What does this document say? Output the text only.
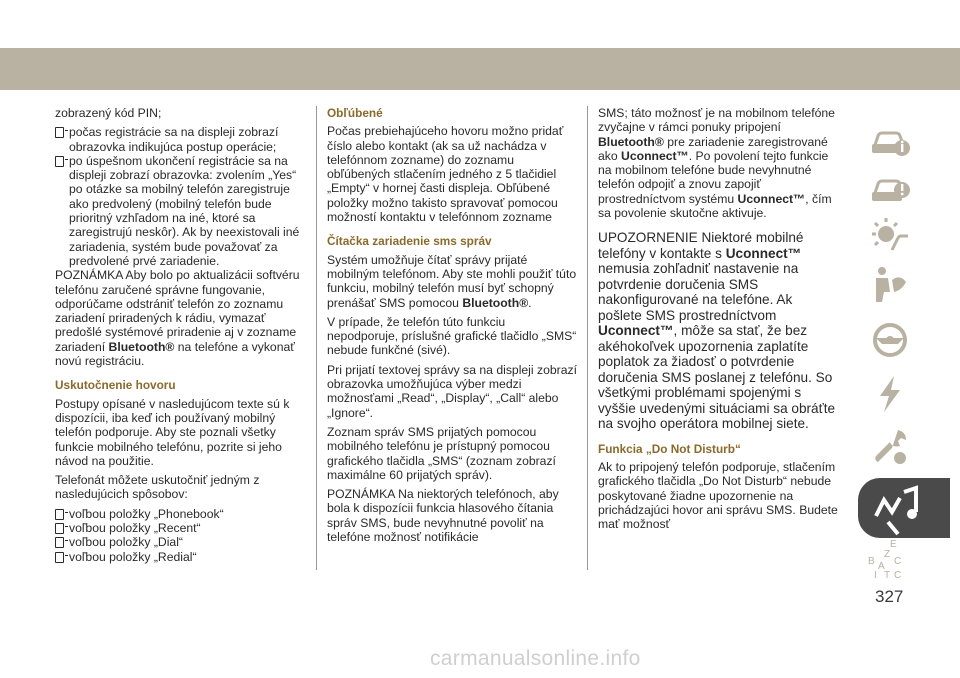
zobrazený kód PIN;

počas registrácie sa na displeji zobrazí obrazovka indikujúca postup operácie;

po úspešnom ukončení registrácie sa na displeji zobrazí obrazovka: zvolením „Yes“ po otázke sa mobilný telefón zaregistruje ako predvolený (mobilný telefón bude prioritný vzhľadom na iné, ktoré sa zaregistrujú neskôr). Ak by neexistovali iné zariadenia, systém bude považovať za predvolené prvé zariadenie.

POZNÁMKA Aby bolo po aktualizácii softvéru telefónu zaručené správne fungovanie, odporúčame odstrániť telefón zo zoznamu zariadení priradených k rádiu, vymazať predošlé systémové priradenie aj v zozname zariadení Bluetooth® na telefóne a vykonať novú registráciu.

Uskutočnenie hovoru

Postupy opísané v nasledujúcom texte sú k dispozícii, iba keď ich používaný mobilný telefón podporuje. Aby ste poznali všetky funkcie mobilného telefónu, pozrite si jeho návod na použitie.

Telefonát môžete uskutočniť jedným z nasledujúcich spôsobov:

voľbou položky „Phonebook“

voľbou položky „Recent“

voľbou položky „Dial“

voľbou položky „Redial“

Obľúbené

Počas prebiehajúceho hovoru možno pridať číslo alebo kontakt (ak sa už nachádza v telefónnom zozname) do zoznamu obľúbených stlačením jedného z 5 tlačidiel „Empty“ v hornej časti displeja. Obľúbené položky možno takisto spravovať pomocou možností kontaktu v telefónnom zozname

Čítačka zariadenie sms správ

Systém umožňuje čítať správy prijaté mobilným telefónom. Aby ste mohli použiť túto funkciu, mobilný telefón musí byť schopný prenášať SMS pomocou Bluetooth®.

V prípade, že telefón túto funkciu nepodporuje, príslušné grafické tlačidlo „SMS“ nebude funkčné (sivé).

Pri prijatí textovej správy sa na displeji zobrazí obrazovka umožňujúca výber medzi možnosťami „Read“, „Display“, „Call“ alebo „Ignore“.

Zoznam správ SMS prijatých pomocou mobilného telefónu je prístupný pomocou grafického tlačidla „SMS“ (zoznam zobrazí maximálne 60 prijatých správ).

POZNÁMKA Na niektorých telefónoch, aby bola k dispozícii funkcia hlasového čítania správ SMS, bude nevyhnutné povoliť na telefóne možnosť notifikácie

SMS; táto možnosť je na mobilnom telefóne zvyčajne v rámci ponuky pripojení Bluetooth® pre zariadenie zaregistrované ako Uconnect™. Po povolení tejto funkcie na mobilnom telefóne bude nevyhnutné telefón odpojiť a znovu zapojiť prostredníctvom systému Uconnect™, čím sa povolenie skutočne aktivuje.

UPOZORNENIE Niektoré mobilné telefóny v kontakte s Uconnect™ nemusia zohľadniť nastavenie na potvrdenie doručenia SMS nakonfigurované na telefóne. Ak pošlete SMS prostredníctvom Uconnect™, môže sa stať, že bez akéhokoľvek upozornenia zaplatíte poplatok za žiadosť o potvrdenie doručenia SMS poslanej z telefónu. So všetkými problémami spojenými s vyššie uvedenými situáciami sa obráťte na svojho operátora mobilnej siete.

Funkcia „Do Not Disturb“

Ak to pripojený telefón podporuje, stlačením grafického tlačidla „Do Not Disturb“ nebude poskytované žiadne upozornenie na prichádzajúci hovor ani správu SMS. Budete mať možnosť

E
Z
B C
A
I T C
327
carmanualsonline.info
